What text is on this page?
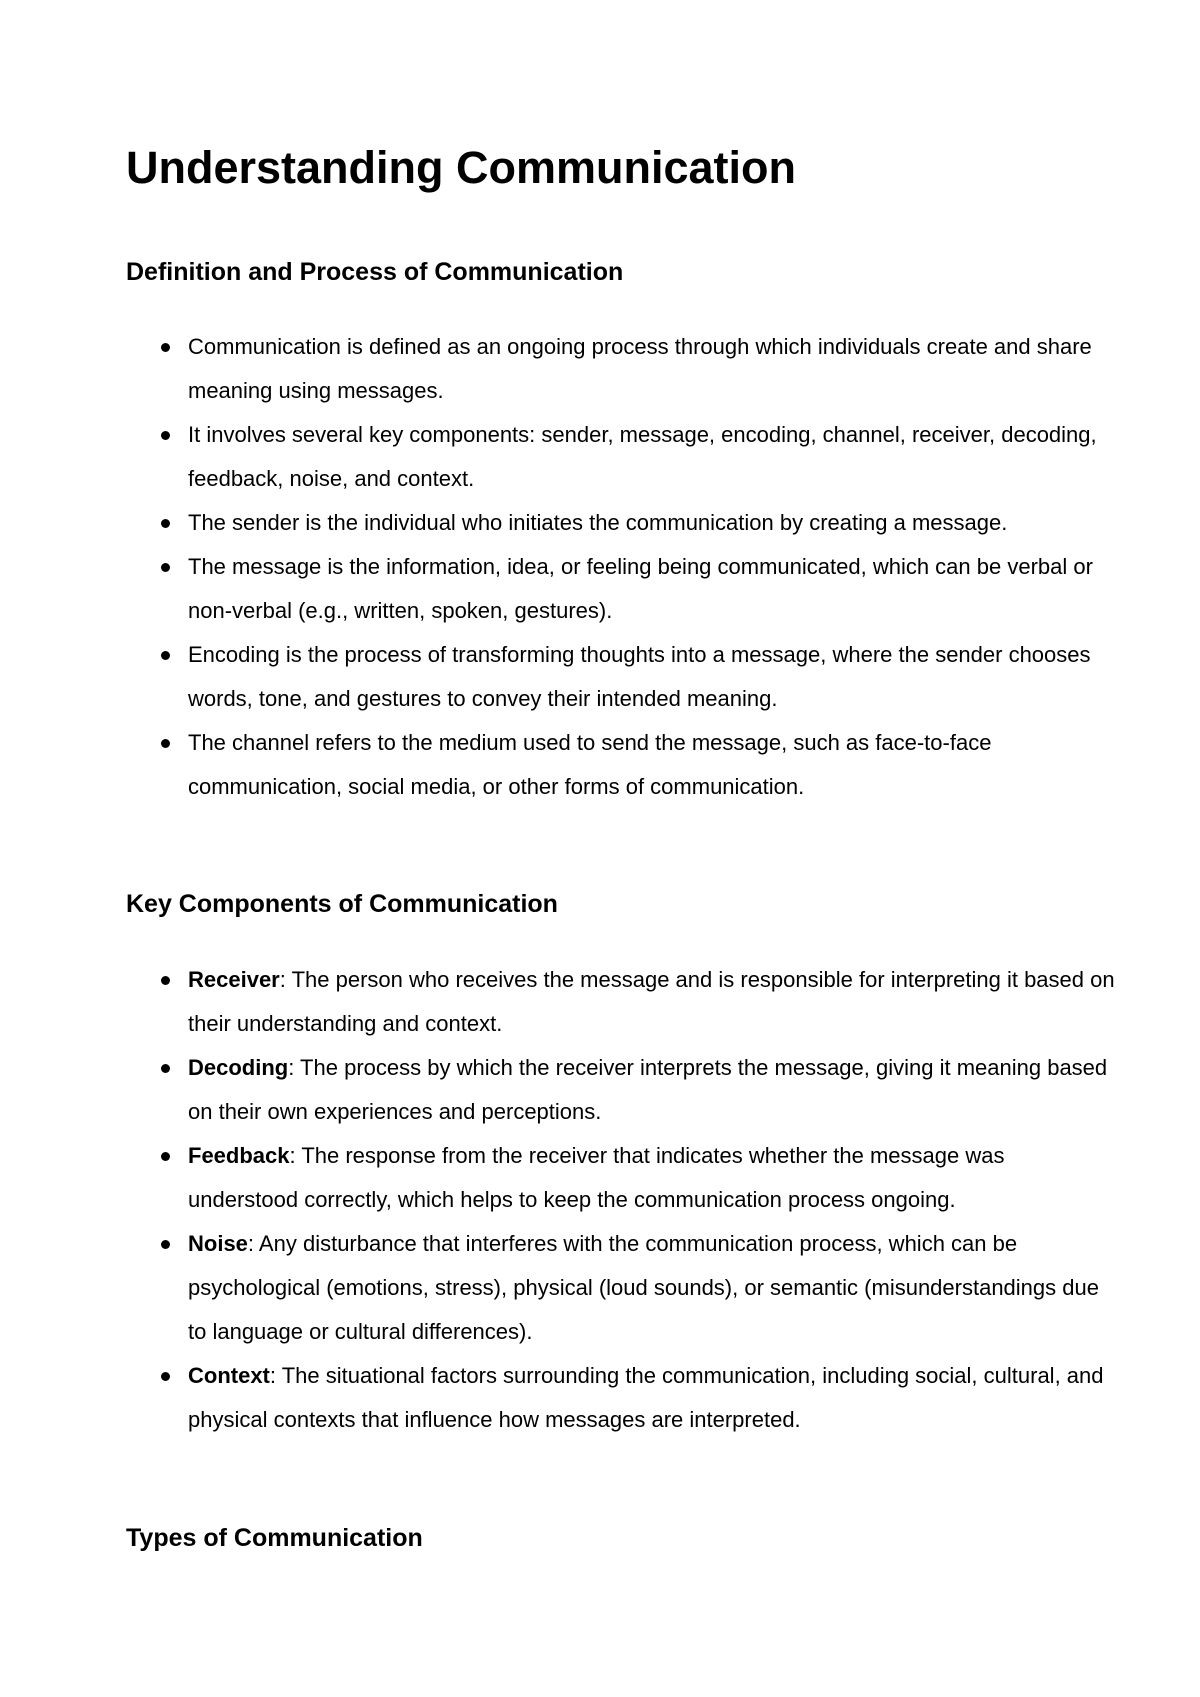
Understanding Communication
Definition and Process of Communication
Communication is defined as an ongoing process through which individuals create and share meaning using messages.
It involves several key components: sender, message, encoding, channel, receiver, decoding, feedback, noise, and context.
The sender is the individual who initiates the communication by creating a message.
The message is the information, idea, or feeling being communicated, which can be verbal or non-verbal (e.g., written, spoken, gestures).
Encoding is the process of transforming thoughts into a message, where the sender chooses words, tone, and gestures to convey their intended meaning.
The channel refers to the medium used to send the message, such as face-to-face communication, social media, or other forms of communication.
Key Components of Communication
Receiver: The person who receives the message and is responsible for interpreting it based on their understanding and context.
Decoding: The process by which the receiver interprets the message, giving it meaning based on their own experiences and perceptions.
Feedback: The response from the receiver that indicates whether the message was understood correctly, which helps to keep the communication process ongoing.
Noise: Any disturbance that interferes with the communication process, which can be psychological (emotions, stress), physical (loud sounds), or semantic (misunderstandings due to language or cultural differences).
Context: The situational factors surrounding the communication, including social, cultural, and physical contexts that influence how messages are interpreted.
Types of Communication
